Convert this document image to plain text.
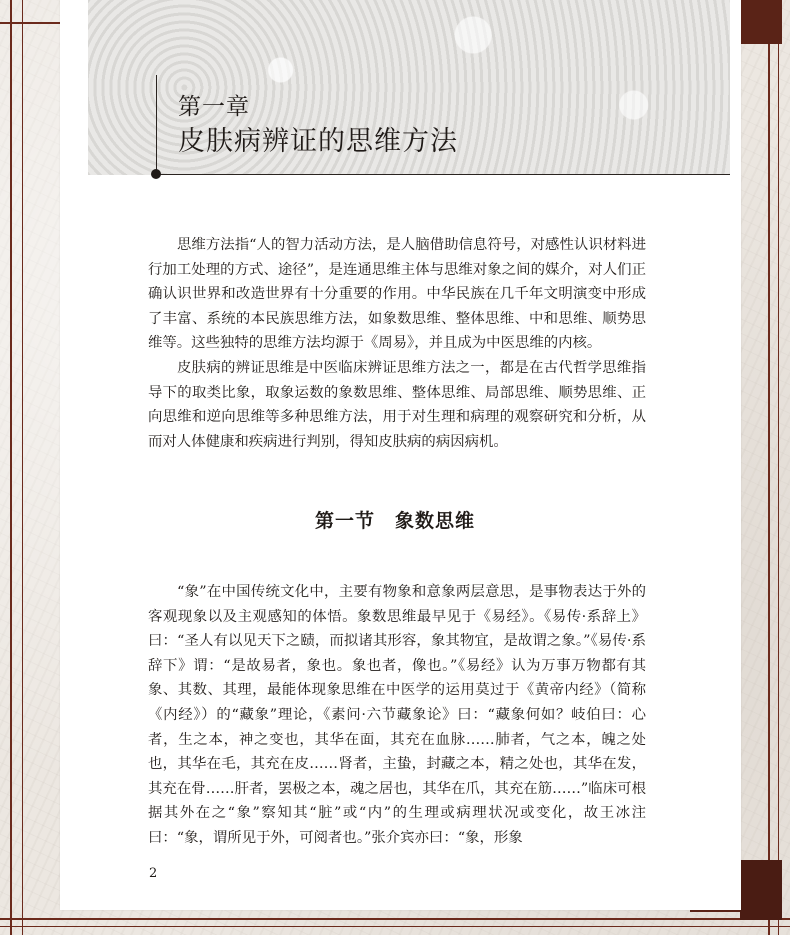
第一章
皮肤病辨证的思维方法

思维方法指“人的智力活动方法，是人脑借助信息符号，对感性认识材料进行加工处理的方式、途径”，是连通思维主体与思维对象之间的媒介，对人们正确认识世界和改造世界有十分重要的作用。中华民族在几千年文明演变中形成了丰富、系统的本民族思维方法，如象数思维、整体思维、中和思维、顺势思维等。这些独特的思维方法均源于《周易》，并且成为中医思维的内核。

皮肤病的辨证思维是中医临床辨证思维方法之一，都是在古代哲学思维指导下的取类比象，取象运数的象数思维、整体思维、局部思维、顺势思维、正向思维和逆向思维等多种思维方法，用于对生理和病理的观察研究和分析，从而对人体健康和疾病进行判别，得知皮肤病的病因病机。

第一节　象数思维

“象”在中国传统文化中，主要有物象和意象两层意思，是事物表达于外的客观现象以及主观感知的体悟。象数思维最早见于《易经》。《易传·系辞上》曰：“圣人有以见天下之赜，而拟诸其形容，象其物宜，是故谓之象。”《易传·系辞下》谓：“是故易者，象也。象也者，像也。”《易经》认为万事万物都有其象、其数、其理，最能体现象思维在中医学的运用莫过于《黄帝内经》（简称《内经》）的“藏象”理论，《素问·六节藏象论》曰：“藏象何如？岐伯曰：心者，生之本，神之变也，其华在面，其充在血脉……肺者，气之本，魄之处也，其华在毛，其充在皮……肾者，主蛰，封藏之本，精之处也，其华在发，其充在骨……肝者，罢极之本，魂之居也，其华在爪，其充在筋……”临床可根据其外在之“象”察知其“脏”或“内”的生理或病理状况或变化，故王冰注曰：“象，谓所见于外，可阅者也。”张介宾亦曰：“象，形象

2
